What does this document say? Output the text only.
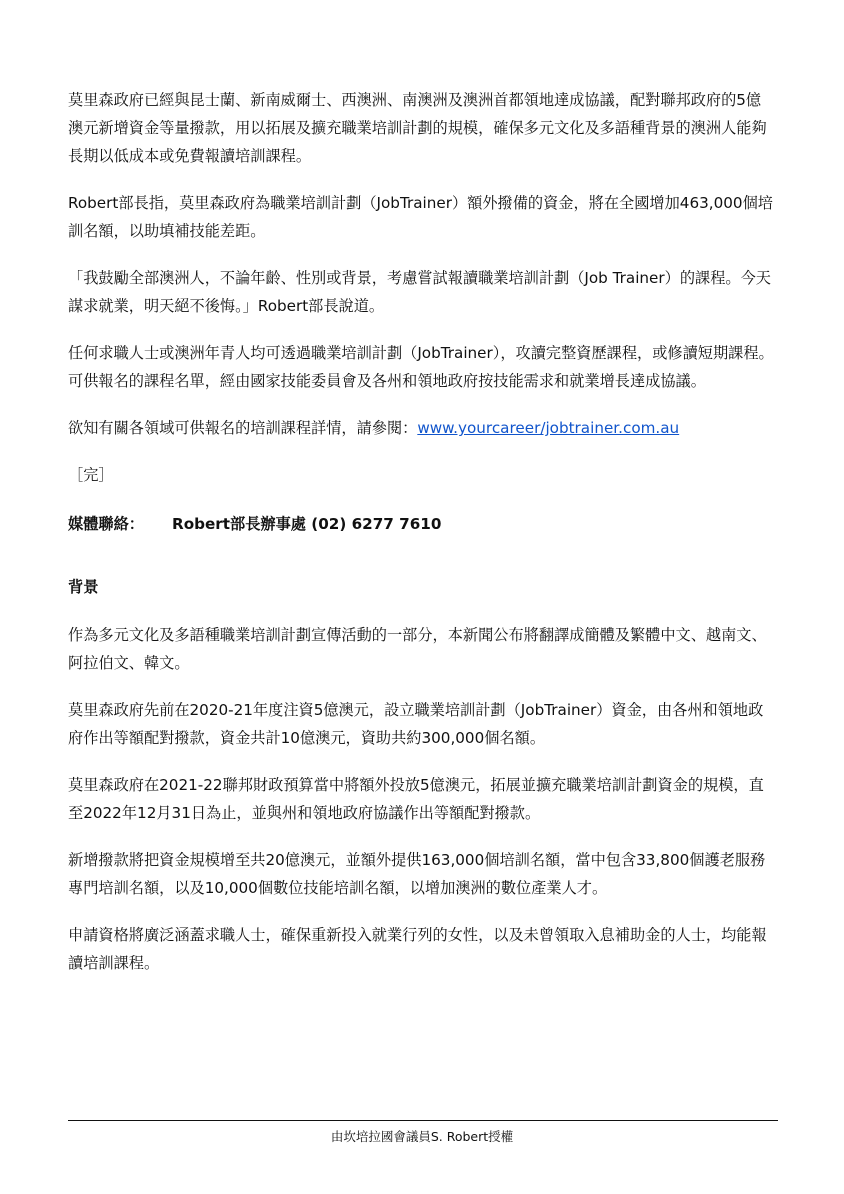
莫里森政府已經與昆士蘭、新南威爾士、西澳洲、南澳洲及澳洲首都領地達成協議，配對聯邦政府的5億澳元新增資金等量撥款，用以拓展及擴充職業培訓計劃的規模，確保多元文化及多語種背景的澳洲人能夠長期以低成本或免費報讀培訓課程。

Robert部長指，莫里森政府為職業培訓計劃（JobTrainer）額外撥備的資金，將在全國增加463,000個培訓名額，以助填補技能差距。

「我鼓勵全部澳洲人，不論年齡、性別或背景，考慮嘗試報讀職業培訓計劃（Job Trainer）的課程。今天謀求就業，明天絕不後悔。」Robert部長說道。

任何求職人士或澳洲年青人均可透過職業培訓計劃（JobTrainer），攻讀完整資歷課程，或修讀短期課程。可供報名的課程名單，經由國家技能委員會及各州和領地政府按技能需求和就業增長達成協議。

欲知有關各領域可供報名的培訓課程詳情，請參閱：www.yourcareer/jobtrainer.com.au

［完］

媒體聯絡： Robert部長辦事處 (02) 6277 7610

背景

作為多元文化及多語種職業培訓計劃宣傳活動的一部分，本新聞公布將翻譯成簡體及繁體中文、越南文、阿拉伯文、韓文。

莫里森政府先前在2020-21年度注資5億澳元，設立職業培訓計劃（JobTrainer）資金，由各州和領地政府作出等額配對撥款，資金共計10億澳元，資助共約300,000個名額。

莫里森政府在2021-22聯邦財政預算當中將額外投放5億澳元，拓展並擴充職業培訓計劃資金的規模，直至2022年12月31日為止，並與州和領地政府協議作出等額配對撥款。

新增撥款將把資金規模增至共20億澳元，並額外提供163,000個培訓名額，當中包含33,800個護老服務專門培訓名額，以及10,000個數位技能培訓名額，以增加澳洲的數位產業人才。

申請資格將廣泛涵蓋求職人士，確保重新投入就業行列的女性，以及未曾領取入息補助金的人士，均能報讀培訓課程。

由坎培拉國會議員S. Robert授權
